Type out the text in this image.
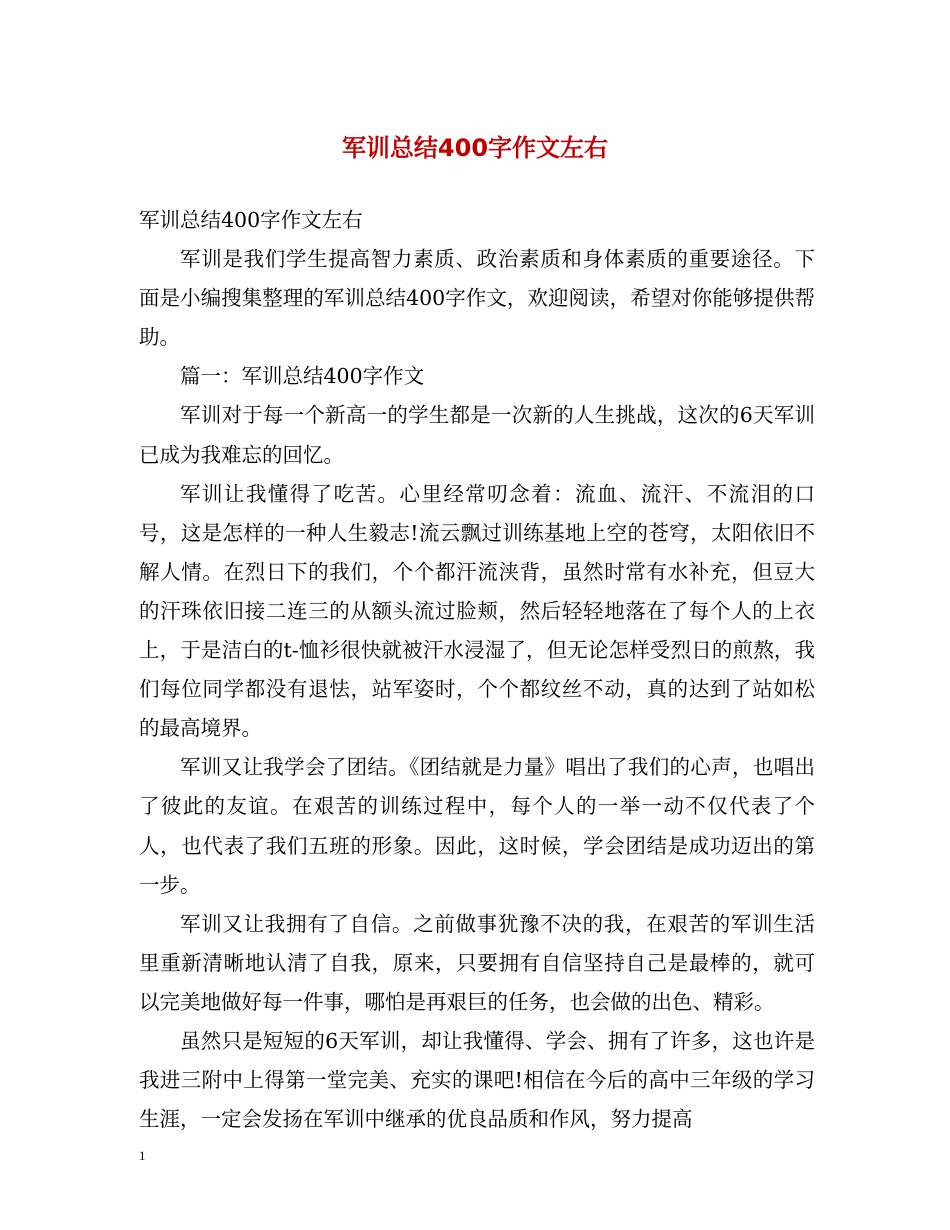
军训总结400字作文左右

军训总结400字作文左右

军训是我们学生提高智力素质、政治素质和身体素质的重要途径。下面是小编搜集整理的军训总结400字作文，欢迎阅读，希望对你能够提供帮助。

篇一：军训总结400字作文

军训对于每一个新高一的学生都是一次新的人生挑战，这次的6天军训已成为我难忘的回忆。

军训让我懂得了吃苦。心里经常叨念着：流血、流汗、不流泪的口号，这是怎样的一种人生毅志!流云飘过训练基地上空的苍穹，太阳依旧不解人情。在烈日下的我们，个个都汗流浃背，虽然时常有水补充，但豆大的汗珠依旧接二连三的从额头流过脸颊，然后轻轻地落在了每个人的上衣上，于是洁白的t-恤衫很快就被汗水浸湿了，但无论怎样受烈日的煎熬，我们每位同学都没有退怯，站军姿时，个个都纹丝不动，真的达到了站如松的最高境界。

军训又让我学会了团结。《团结就是力量》唱出了我们的心声，也唱出了彼此的友谊。在艰苦的训练过程中，每个人的一举一动不仅代表了个人，也代表了我们五班的形象。因此，这时候，学会团结是成功迈出的第一步。

军训又让我拥有了自信。之前做事犹豫不决的我，在艰苦的军训生活里重新清晰地认清了自我，原来，只要拥有自信坚持自己是最棒的，就可以完美地做好每一件事，哪怕是再艰巨的任务，也会做的出色、精彩。

虽然只是短短的6天军训，却让我懂得、学会、拥有了许多，这也许是我进三附中上得第一堂完美、充实的课吧!相信在今后的高中三年级的学习生涯，一定会发扬在军训中继承的优良品质和作风，努力提高

1
